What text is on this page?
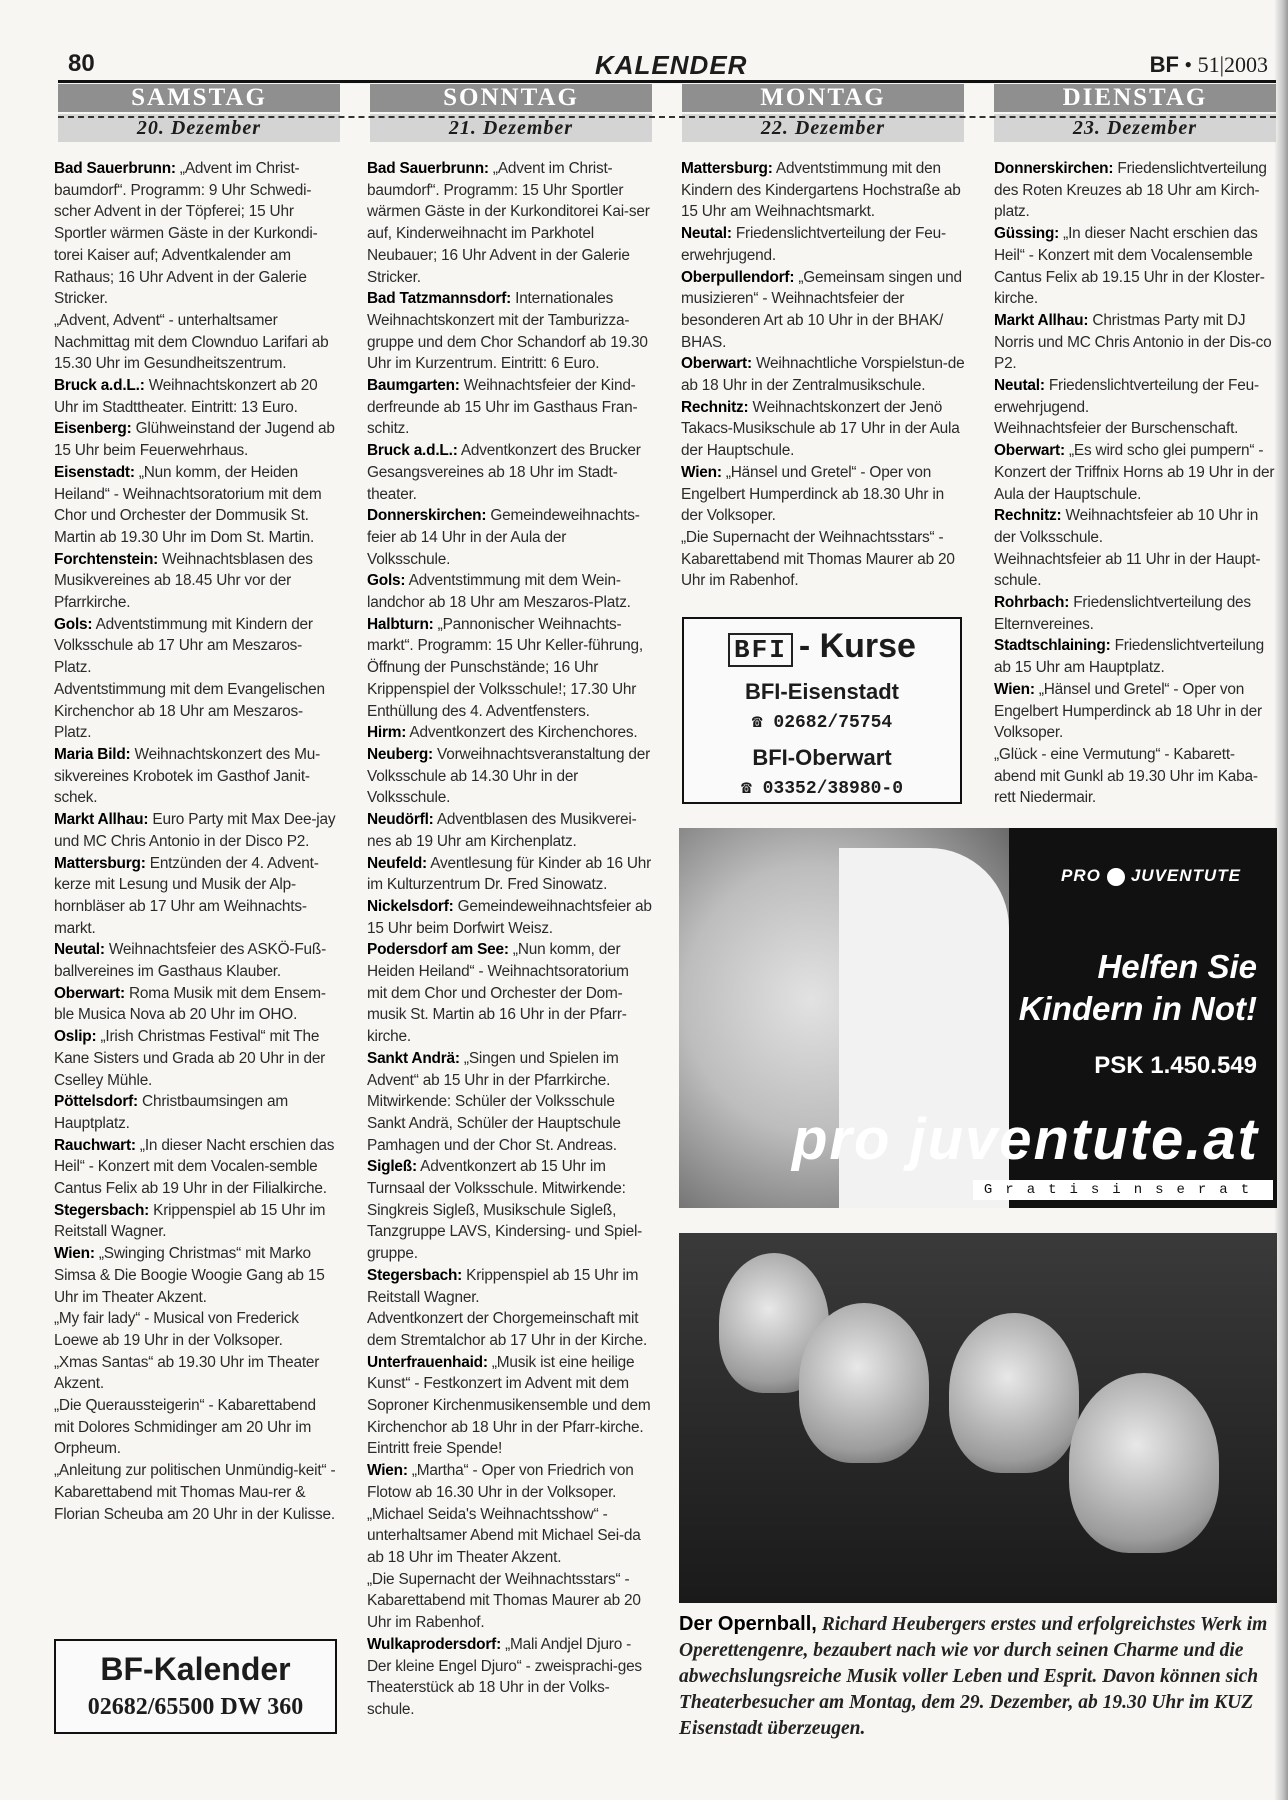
80	KALENDER	BF • 51|2003
SAMSTAG
20. Dezember
SONNTAG
21. Dezember
MONTAG
22. Dezember
DIENSTAG
23. Dezember

Bad Sauerbrunn: „Advent im Christ-baumdorf“. Programm: 9 Uhr Schwedi-scher Advent in der Töpferei; 15 Uhr Sportler wärmen Gäste in der Kurkondi-torei Kaiser auf; Adventkalender am Rathaus; 16 Uhr Advent in der Galerie Stricker.

„Advent, Advent“ - unterhaltsamer Nachmittag mit dem Clownduo Larifari ab 15.30 Uhr im Gesundheitszentrum.

Bruck a.d.L.: Weihnachtskonzert ab 20 Uhr im Stadttheater. Eintritt: 13 Euro.

Eisenberg: Glühweinstand der Jugend ab 15 Uhr beim Feuerwehrhaus.

Eisenstadt: „Nun komm, der Heiden Heiland“ - Weihnachtsoratorium mit dem Chor und Orchester der Dommusik St. Martin ab 19.30 Uhr im Dom St. Martin.

Forchtenstein: Weihnachtsblasen des Musikvereines ab 18.45 Uhr vor der Pfarrkirche.

Gols: Adventstimmung mit Kindern der Volksschule ab 17 Uhr am Meszaros-Platz.

Adventstimmung mit dem Evangelischen Kirchenchor ab 18 Uhr am Meszaros-Platz.

Maria Bild: Weihnachtskonzert des Mu-sikvereines Krobotek im Gasthof Janit-schek.

Markt Allhau: Euro Party mit Max Dee-jay und MC Chris Antonio in der Disco P2.

Mattersburg: Entzünden der 4. Advent-kerze mit Lesung und Musik der Alp-hornbläser ab 17 Uhr am Weihnachts-markt.

Neutal: Weihnachtsfeier des ASKÖ-Fuß-ballvereines im Gasthaus Klauber.

Oberwart: Roma Musik mit dem Ensem-ble Musica Nova ab 20 Uhr im OHO.

Oslip: „Irish Christmas Festival“ mit The Kane Sisters und Grada ab 20 Uhr in der Cselley Mühle.

Pöttelsdorf: Christbaumsingen am Hauptplatz.

Rauchwart: „In dieser Nacht erschien das Heil“ - Konzert mit dem Vocalen-semble Cantus Felix ab 19 Uhr in der Filialkirche.

Stegersbach: Krippenspiel ab 15 Uhr im Reitstall Wagner.

Wien: „Swinging Christmas“ mit Marko Simsa & Die Boogie Woogie Gang ab 15 Uhr im Theater Akzent.

„My fair lady“ - Musical von Frederick Loewe ab 19 Uhr in der Volksoper.

„Xmas Santas“ ab 19.30 Uhr im Theater Akzent.

„Die Queraussteigerin“ - Kabarettabend mit Dolores Schmidinger am 20 Uhr im Orpheum.

„Anleitung zur politischen Unmündig-keit“ - Kabarettabend mit Thomas Mau-rer & Florian Scheuba am 20 Uhr in der Kulisse.

Bad Sauerbrunn: „Advent im Christ-baumdorf“. Programm: 15 Uhr Sportler wärmen Gäste in der Kurkonditorei Kai-ser auf, Kinderweihnacht im Parkhotel Neubauer; 16 Uhr Advent in der Galerie Stricker.

Bad Tatzmannsdorf: Internationales Weihnachtskonzert mit der Tamburizza-gruppe und dem Chor Schandorf ab 19.30 Uhr im Kurzentrum. Eintritt: 6 Euro.

Baumgarten: Weihnachtsfeier der Kind-derfreunde ab 15 Uhr im Gasthaus Fran-schitz.

Bruck a.d.L.: Adventkonzert des Brucker Gesangsvereines ab 18 Uhr im Stadt-theater.

Donnerskirchen: Gemeindeweihnachts-feier ab 14 Uhr in der Aula der Volksschule.

Gols: Adventstimmung mit dem Wein-landchor ab 18 Uhr am Meszaros-Platz.

Halbturn: „Pannonischer Weihnachts-markt“. Programm: 15 Uhr Keller-führung, Öffnung der Punschstände; 16 Uhr Krippenspiel der Volksschule!; 17.30 Uhr Enthüllung des 4. Adventfensters.

Hirm: Adventkonzert des Kirchenchores.

Neuberg: Vorweihnachtsveranstaltung der Volksschule ab 14.30 Uhr in der Volksschule.

Neudörfl: Adventblasen des Musikverei-nes ab 19 Uhr am Kirchenplatz.

Neufeld: Aventlesung für Kinder ab 16 Uhr im Kulturzentrum Dr. Fred Sinowatz.

Nickelsdorf: Gemeindeweihnachtsfeier ab 15 Uhr beim Dorfwirt Weisz.

Podersdorf am See: „Nun komm, der Heiden Heiland“ - Weihnachtsoratorium mit dem Chor und Orchester der Dom-musik St. Martin ab 16 Uhr in der Pfarr-kirche.

Sankt Andrä: „Singen und Spielen im Advent“ ab 15 Uhr in der Pfarrkirche. Mitwirkende: Schüler der Volksschule Sankt Andrä, Schüler der Hauptschule Pamhagen und der Chor St. Andreas.

Sigleß: Adventkonzert ab 15 Uhr im Turnsaal der Volksschule. Mitwirkende: Singkreis Sigleß, Musikschule Sigleß, Tanzgruppe LAVS, Kindersing- und Spiel-gruppe.

Stegersbach: Krippenspiel ab 15 Uhr im Reitstall Wagner.

Adventkonzert der Chorgemeinschaft mit dem Stremtalchor ab 17 Uhr in der Kirche.

Unterfrauenhaid: „Musik ist eine heilige Kunst“ - Festkonzert im Advent mit dem Soproner Kirchenmusikensemble und dem Kirchenchor ab 18 Uhr in der Pfarr-kirche. Eintritt freie Spende!

Wien: „Martha“ - Oper von Friedrich von Flotow ab 16.30 Uhr in der Volksoper.

„Michael Seida's Weihnachtsshow“ - unterhaltsamer Abend mit Michael Sei-da ab 18 Uhr im Theater Akzent.

„Die Supernacht der Weihnachtsstars“ - Kabarettabend mit Thomas Maurer ab 20 Uhr im Rabenhof.

Wulkaprodersdorf: „Mali Andjel Djuro - Der kleine Engel Djuro“ - zweisprachi-ges Theaterstück ab 18 Uhr in der Volks-schule.

Mattersburg: Adventstimmung mit den Kindern des Kindergartens Hochstraße ab 15 Uhr am Weihnachtsmarkt.

Neutal: Friedenslichtverteilung der Feu-erwehrjugend.

Oberpullendorf: „Gemeinsam singen und musizieren“ - Weihnachtsfeier der besonderen Art ab 10 Uhr in der BHAK/ BHAS.

Oberwart: Weihnachtliche Vorspielstun-de ab 18 Uhr in der Zentralmusikschule.

Rechnitz: Weihnachtskonzert der Jenö Takacs-Musikschule ab 17 Uhr in der Aula der Hauptschule.

Wien: „Hänsel und Gretel“ - Oper von Engelbert Humperdinck ab 18.30 Uhr in der Volksoper.

„Die Supernacht der Weihnachtsstars“ - Kabarettabend mit Thomas Maurer ab 20 Uhr im Rabenhof.

Donnerskirchen: Friedenslichtverteilung des Roten Kreuzes ab 18 Uhr am Kirch-platz.

Güssing: „In dieser Nacht erschien das Heil“ - Konzert mit dem Vocalensemble Cantus Felix ab 19.15 Uhr in der Kloster-kirche.

Markt Allhau: Christmas Party mit DJ Norris und MC Chris Antonio in der Dis-co P2.

Neutal: Friedenslichtverteilung der Feu-erwehrjugend.

Weihnachtsfeier der Burschenschaft.

Oberwart: „Es wird scho glei pumpern“ - Konzert der Triffnix Horns ab 19 Uhr in der Aula der Hauptschule.

Rechnitz: Weihnachtsfeier ab 10 Uhr in der Volksschule.

Weihnachtsfeier ab 11 Uhr in der Haupt-schule.

Rohrbach: Friedenslichtverteilung des Elternvereines.

Stadtschlaining: Friedenslichtverteilung ab 15 Uhr am Hauptplatz.

Wien: „Hänsel und Gretel“ - Oper von Engelbert Humperdinck ab 18 Uhr in der Volksoper.

„Glück - eine Vermutung“ - Kabarett-abend mit Gunkl ab 19.30 Uhr im Kaba-rett Niedermair.

BF-Kalender
02682/65500 DW 360
BFI - Kurse
BFI-Eisenstadt
☎ 02682/75754
BFI-Oberwart
☎ 03352/38980-0
PRO JUVENTUTE
Helfen Sie
Kindern in Not!
PSK 1.450.549
pro juventute.at
Gratisinserat
Der Opernball, Richard Heubergers erstes und erfolgreichstes Werk im Operettengenre, bezaubert nach wie vor durch seinen Charme und die abwechslungsreiche Musik voller Leben und Esprit. Davon können sich Theaterbesucher am Montag, dem 29. Dezember, ab 19.30 Uhr im KUZ Eisenstadt überzeugen.
